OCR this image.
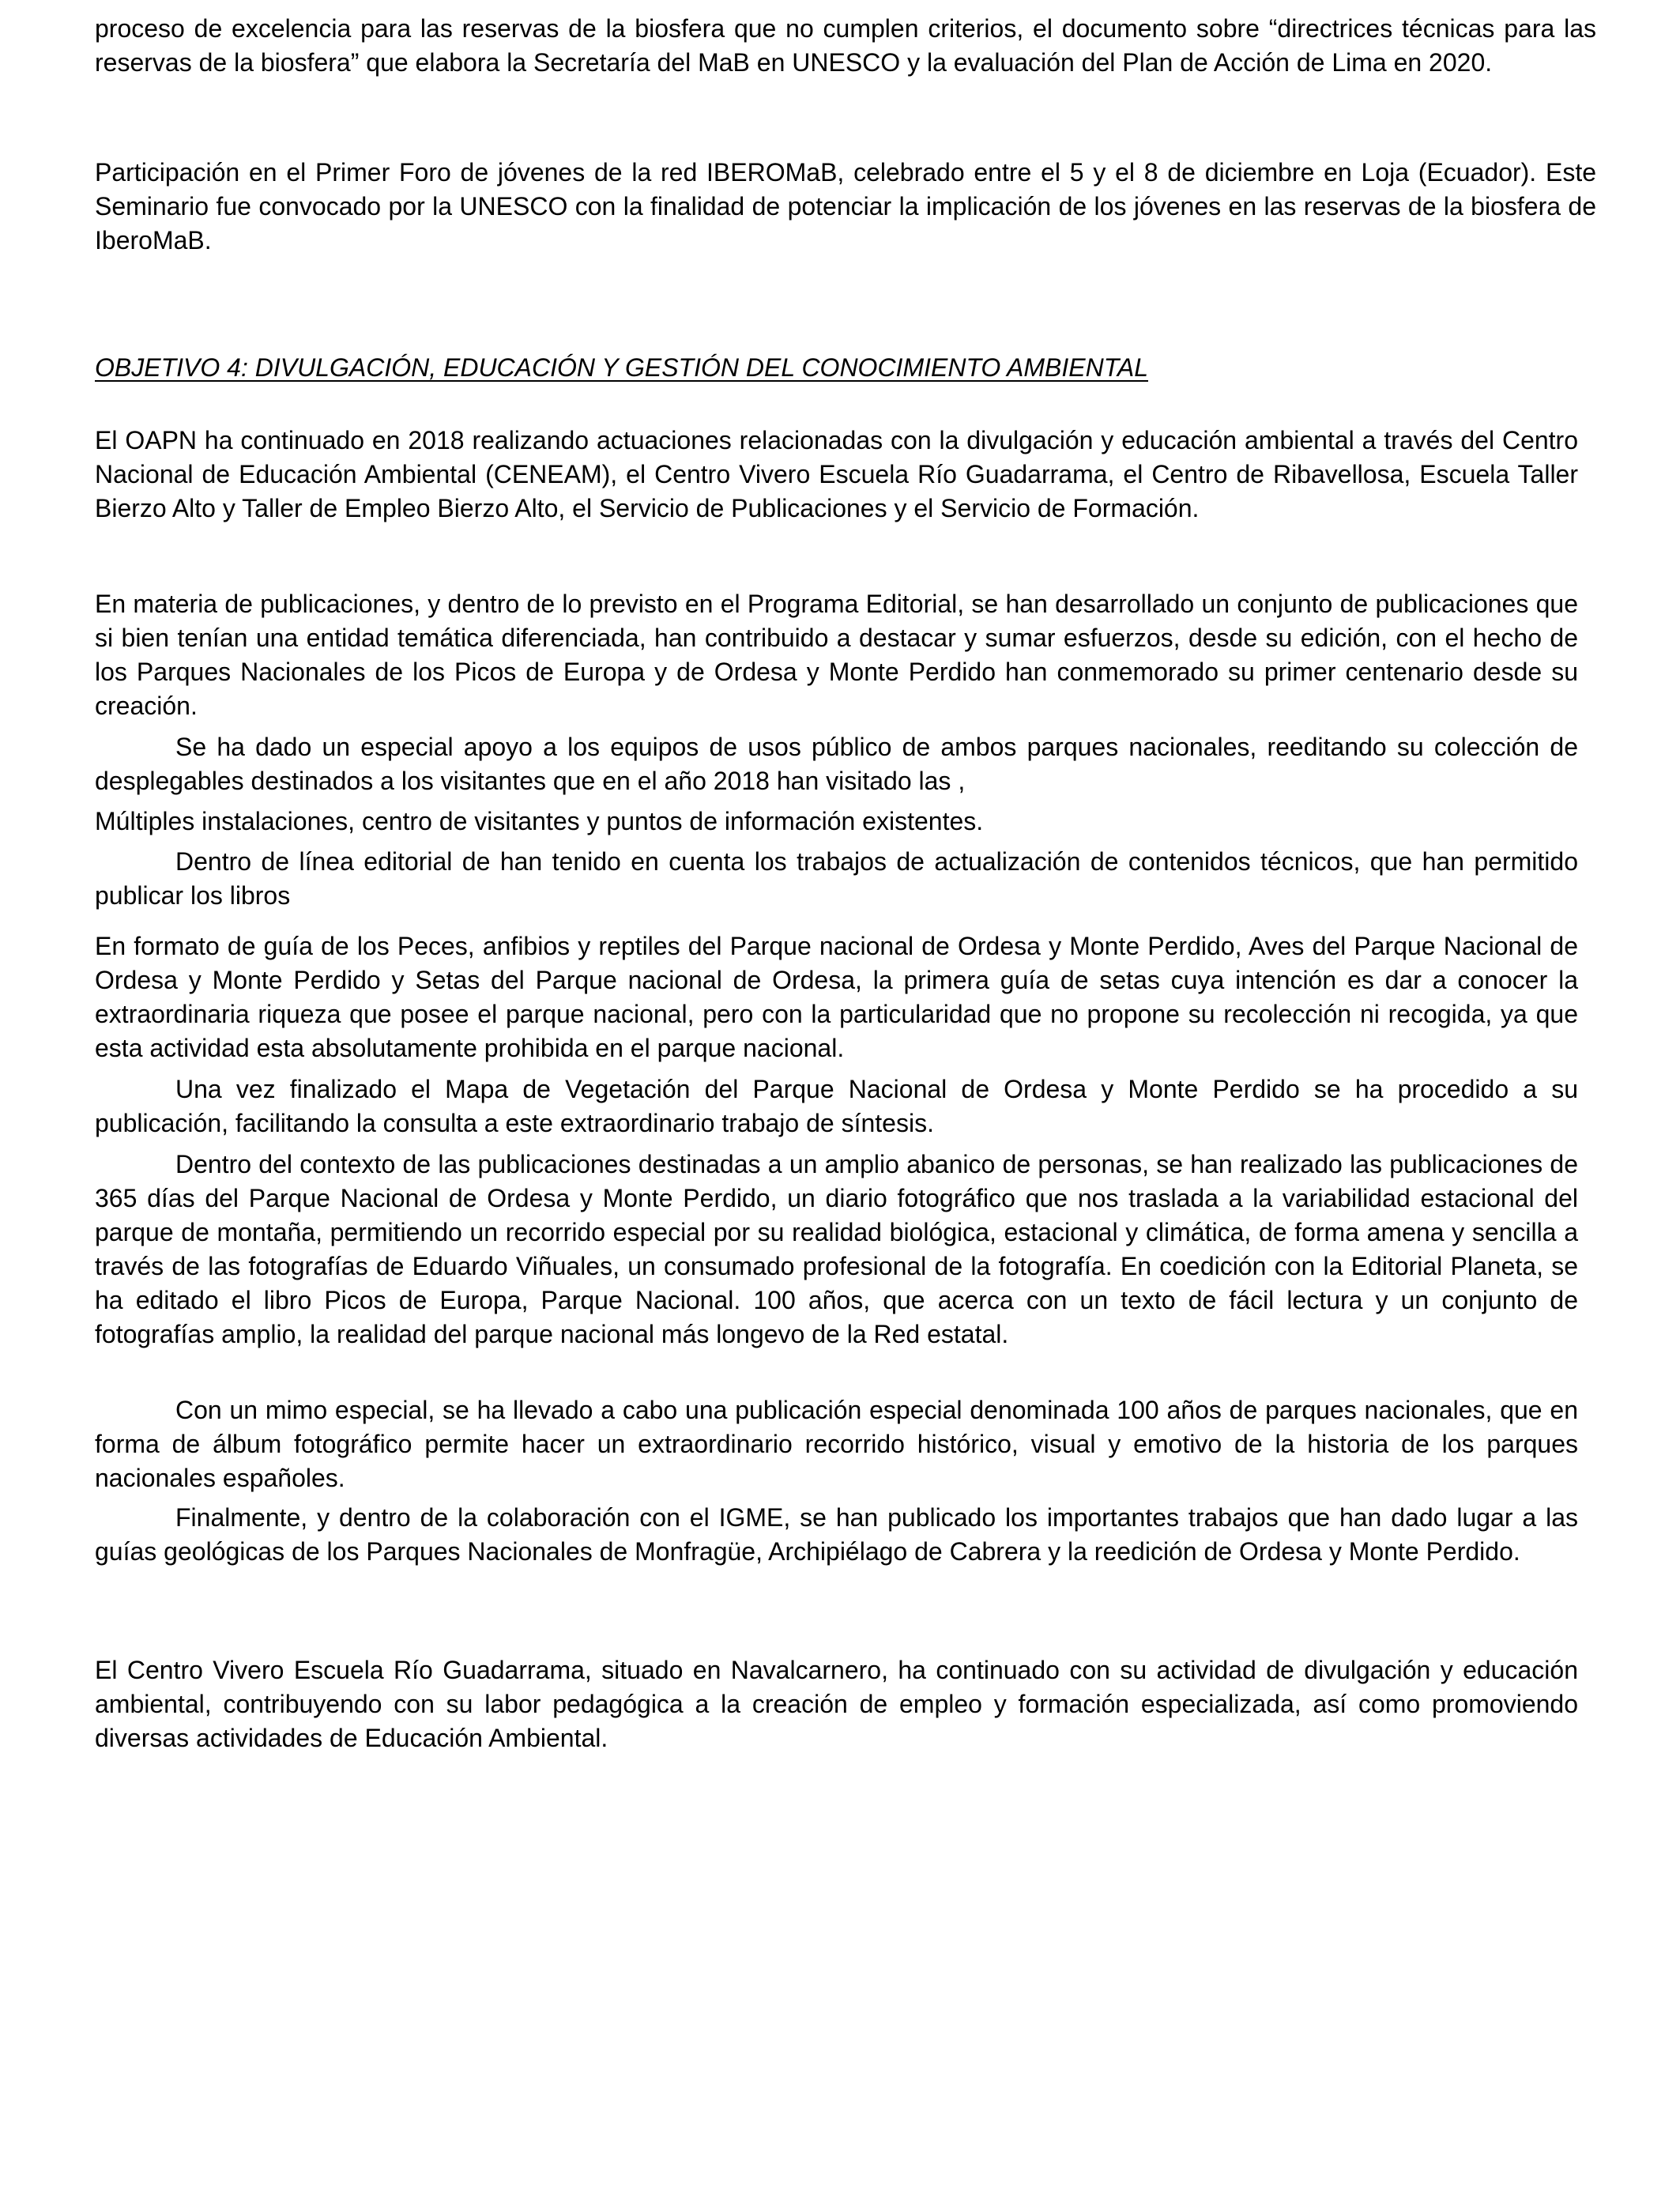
proceso de excelencia para las reservas de la biosfera que no cumplen criterios, el documento sobre “directrices técnicas para las reservas de la biosfera” que elabora la Secretaría del MaB en UNESCO y la evaluación del Plan de Acción de Lima en 2020.

Participación en el Primer Foro de jóvenes de la red IBEROMaB, celebrado entre el 5 y el 8 de diciembre en Loja (Ecuador). Este Seminario fue convocado por la UNESCO con la finalidad de potenciar la implicación de los jóvenes en las reservas de la biosfera de IberoMaB.

OBJETIVO 4: DIVULGACIÓN, EDUCACIÓN Y GESTIÓN DEL CONOCIMIENTO AMBIENTAL

El OAPN ha continuado en 2018 realizando actuaciones relacionadas con la divulgación y educación ambiental a través del Centro Nacional de Educación Ambiental (CENEAM), el Centro Vivero Escuela Río Guadarrama, el Centro de Ribavellosa, Escuela Taller Bierzo Alto y Taller de Empleo Bierzo Alto, el Servicio de Publicaciones y el Servicio de Formación.

En materia de publicaciones, y dentro de lo previsto en el Programa Editorial, se han desarrollado un conjunto de publicaciones que si bien tenían una entidad temática diferenciada, han contribuido a destacar y sumar esfuerzos, desde su edición, con el hecho de los Parques Nacionales de los Picos de Europa y de Ordesa y Monte Perdido han conmemorado su primer centenario desde su creación.

Se ha dado un especial apoyo a los equipos de usos público de ambos parques nacionales, reeditando su colección de desplegables destinados a los visitantes que en el año 2018 han visitado las ,

Múltiples instalaciones, centro de visitantes y puntos de información existentes.

Dentro de línea editorial de han tenido en cuenta los trabajos de actualización de contenidos técnicos, que han permitido publicar los libros

En formato de guía de los Peces, anfibios y reptiles del Parque nacional de Ordesa y Monte Perdido, Aves del Parque Nacional de Ordesa y Monte Perdido y Setas del Parque nacional de Ordesa, la primera guía de setas cuya intención es dar a conocer la extraordinaria riqueza que posee el parque nacional, pero con la particularidad que no propone su recolección ni recogida, ya que esta actividad esta absolutamente prohibida en el parque nacional.

Una vez finalizado el Mapa de Vegetación del Parque Nacional de Ordesa y Monte Perdido se ha procedido a su publicación, facilitando la consulta a este extraordinario trabajo de síntesis.

Dentro del contexto de las publicaciones destinadas a un amplio abanico de personas, se han realizado las publicaciones de 365 días del Parque Nacional de Ordesa y Monte Perdido, un diario fotográfico que nos traslada a la variabilidad estacional del parque de montaña, permitiendo un recorrido especial por su realidad biológica, estacional y climática, de forma amena y sencilla a través de las fotografías de Eduardo Viñuales, un consumado profesional de la fotografía. En coedición con la Editorial Planeta, se ha editado el libro Picos de Europa, Parque Nacional. 100 años, que acerca con un texto de fácil lectura y un conjunto de fotografías amplio, la realidad del parque nacional más longevo de la Red estatal.

Con un mimo especial, se ha llevado a cabo una publicación especial denominada 100 años de parques nacionales, que en forma de álbum fotográfico permite hacer un extraordinario recorrido histórico, visual y emotivo de la historia de los parques nacionales españoles.

Finalmente, y dentro de la colaboración con el IGME, se han publicado los importantes trabajos que han dado lugar a las guías geológicas de los Parques Nacionales de Monfragüe, Archipiélago de Cabrera y la reedición de Ordesa y Monte Perdido.

El Centro Vivero Escuela Río Guadarrama, situado en Navalcarnero, ha continuado con su actividad de divulgación y educación ambiental, contribuyendo con su labor pedagógica a la creación de empleo y formación especializada, así como promoviendo diversas actividades de Educación Ambiental.
